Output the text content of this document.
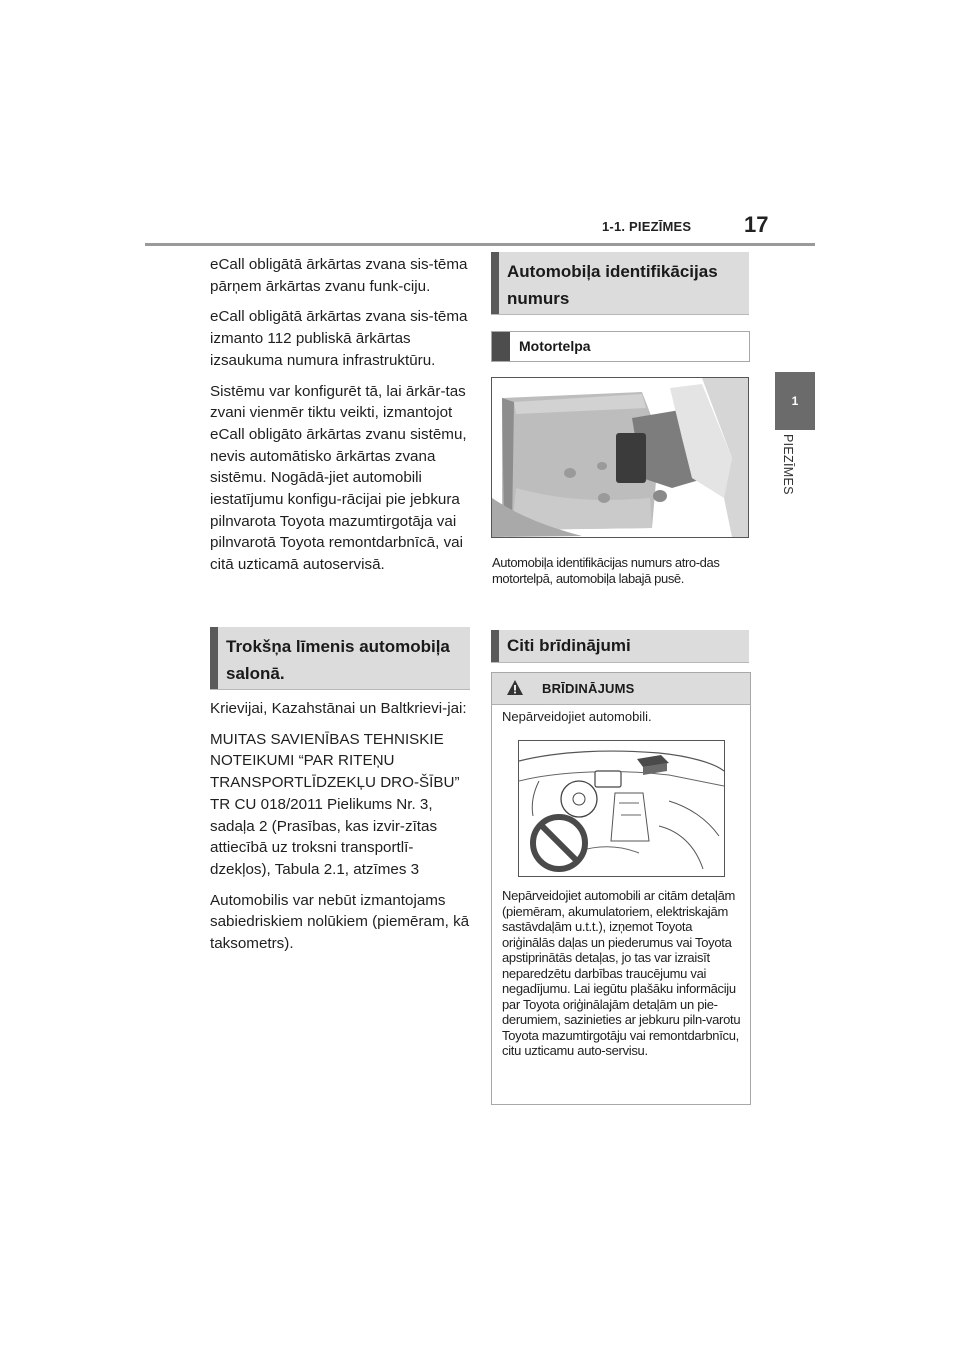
1-1. PIEZĪMES 17
1
PIEZĪMES

eCall obligātā ārkārtas zvana sis-tēma pārņem ārkārtas zvanu funk-ciju.

eCall obligātā ārkārtas zvana sis-tēma izmanto 112 publiskā ārkārtas izsaukuma numura infrastruktūru.

Sistēmu var konfigurēt tā, lai ārkār-tas zvani vienmēr tiktu veikti, izmantojot eCall obligāto ārkārtas zvanu sistēmu, nevis automātisko ārkārtas zvana sistēmu. Nogādā-jiet automobili iestatījumu konfigu-rācijai pie jebkura pilnvarota Toyota mazumtirgotāja vai pilnvarotā Toyota remontdarbnīcā, vai citā uzticamā autoservisā.

Trokšņa līmenis automobiļa salonā.

Krievijai, Kazahstānai un Baltkrievi-jai:

MUITAS SAVIENĪBAS TEHNISKIE NOTEIKUMI “PAR RITEŅU TRANSPORTLĪDZEKĻU DRO-ŠĪBU” TR CU 018/2011 Pielikums Nr. 3, sadaļa 2 (Prasības, kas izvir-zītas attiecībā uz troksni transportlī-dzekļos), Tabula 2.1, atzīmes 3

Automobilis var nebūt izmantojams sabiedriskiem nolūkiem (piemēram, kā taksometrs).

Automobiļa identifikācijas numurs
Motortelpa
Automobiļa identifikācijas numurs atro-das motortelpā, automobiļa labajā pusē.
Citi brīdinājumi
BRĪDINĀJUMS
Nepārveidojiet automobili.
Nepārveidojiet automobili ar citām detaļām (piemēram, akumulatoriem, elektriskajām sastāvdaļām u.t.t.), izņemot Toyota oriģinālās daļas un piederumus vai Toyota apstiprinātās detaļas, jo tas var izraisīt neparedzētu darbības traucējumu vai negadījumu. Lai iegūtu plašāku informāciju par Toyota oriģinālajām detaļām un pie-derumiem, sazinieties ar jebkuru piln-varotu Toyota mazumtirgotāju vai remontdarbnīcu, citu uzticamu auto-servisu.
